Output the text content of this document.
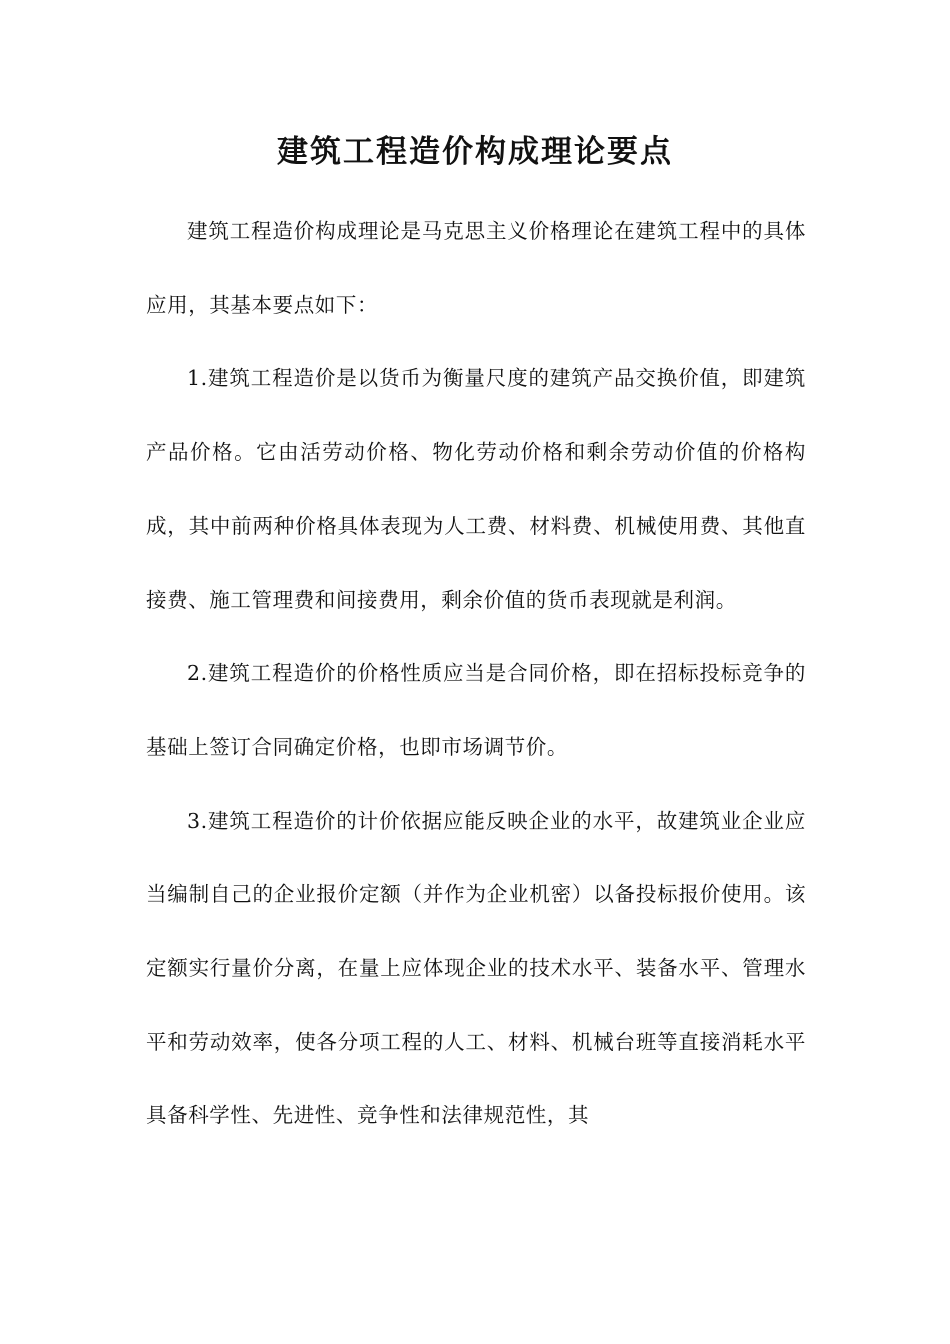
建筑工程造价构成理论要点

建筑工程造价构成理论是马克思主义价格理论在建筑工程中的具体应用，其基本要点如下：

1.建筑工程造价是以货币为衡量尺度的建筑产品交换价值，即建筑产品价格。它由活劳动价格、物化劳动价格和剩余劳动价值的价格构成，其中前两种价格具体表现为人工费、材料费、机械使用费、其他直接费、施工管理费和间接费用，剩余价值的货币表现就是利润。

2.建筑工程造价的价格性质应当是合同价格，即在招标投标竞争的基础上签订合同确定价格，也即市场调节价。

3.建筑工程造价的计价依据应能反映企业的水平，故建筑业企业应当编制自己的企业报价定额（并作为企业机密）以备投标报价使用。该定额实行量价分离，在量上应体现企业的技术水平、装备水平、管理水平和劳动效率，使各分项工程的人工、材料、机械台班等直接消耗水平具备科学性、先进性、竞争性和法律规范性，其
